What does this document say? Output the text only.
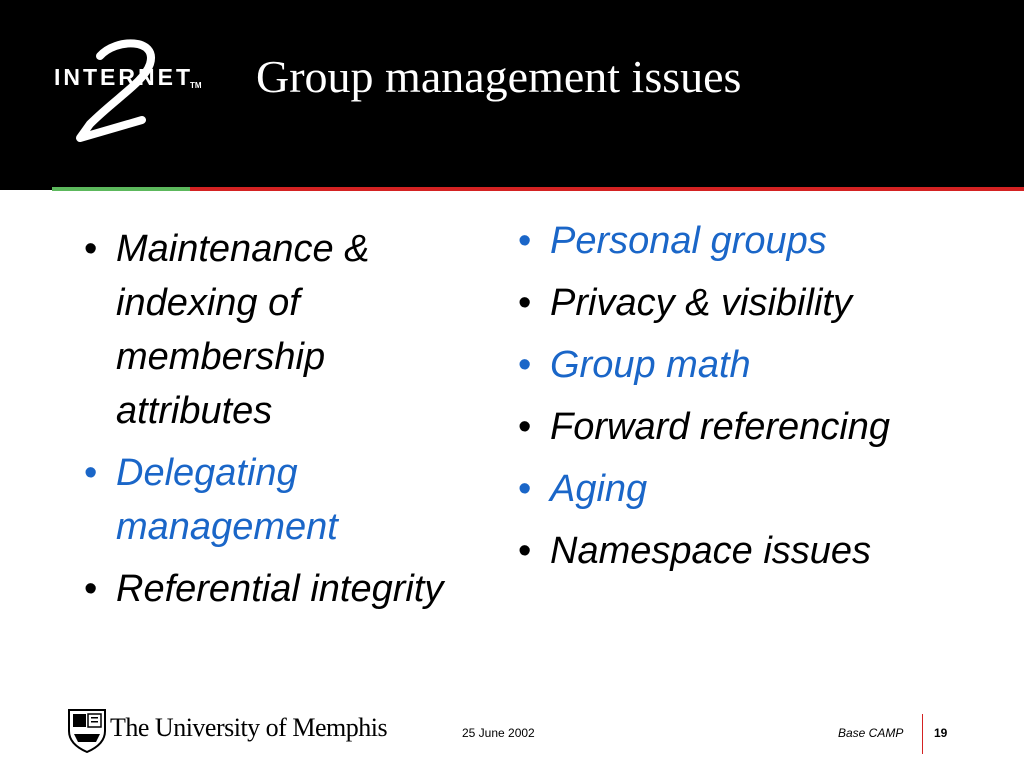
INTERNET
TM Group management issues
• Maintenance & indexing of membership attributes
• Delegating management
• Referential integrity
• Personal groups
• Privacy & visibility
• Group math
• Forward referencing
• Aging
• Namespace issues
The University of Memphis	25 June 2002	Base CAMP	19
